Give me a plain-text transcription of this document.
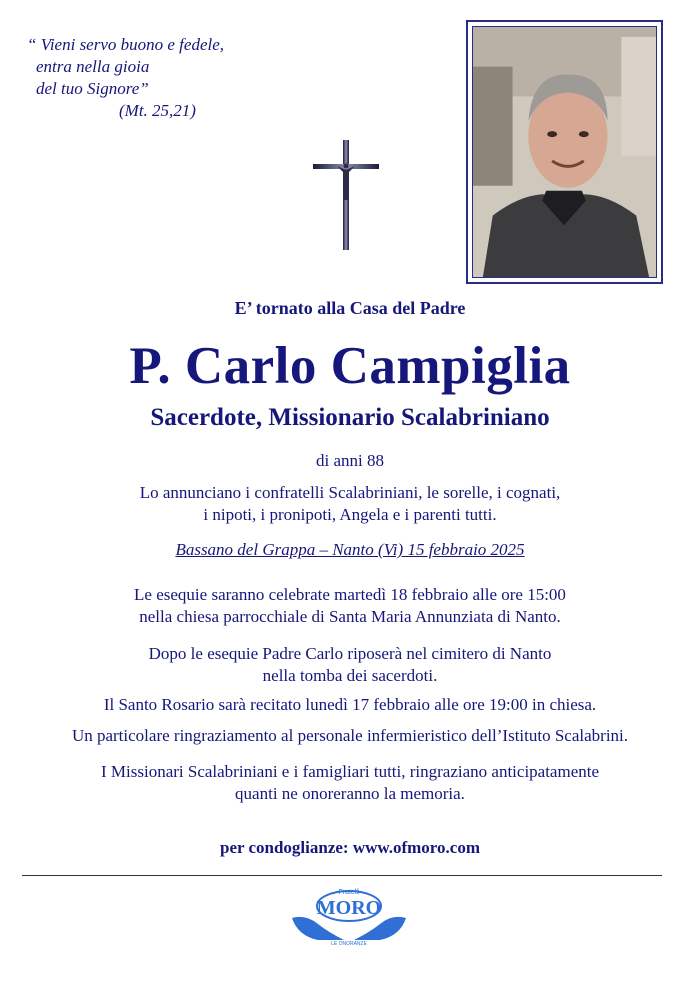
“ Vieni servo buono e fedele,
entra nella gioia
del tuo Signore”
(Mt. 25,21)
E’ tornato alla Casa del Padre
P. Carlo Campiglia
Sacerdote, Missionario Scalabriniano
di anni 88
Lo annunciano i confratelli Scalabriniani, le sorelle, i cognati,
i nipoti, i pronipoti, Angela e i parenti tutti.
Bassano del Grappa – Nanto (Vi) 15 febbraio 2025
Le esequie saranno celebrate martedì 18 febbraio alle ore 15:00
nella chiesa parrocchiale di Santa Maria Annunziata di Nanto.
Dopo le esequie Padre Carlo riposerà nel cimitero di Nanto
nella tomba dei sacerdoti.
Il Santo Rosario sarà recitato lunedì 17 febbraio alle ore 19:00 in chiesa.
Un particolare ringraziamento al personale infermieristico dell’Istituto Scalabrini.
I Missionari Scalabriniani e i famigliari tutti, ringraziano anticipatamente
quanti ne onoreranno la memoria.
per condoglianze: www.ofmoro.com
Fratelli
MORO
LE ONORANZE
